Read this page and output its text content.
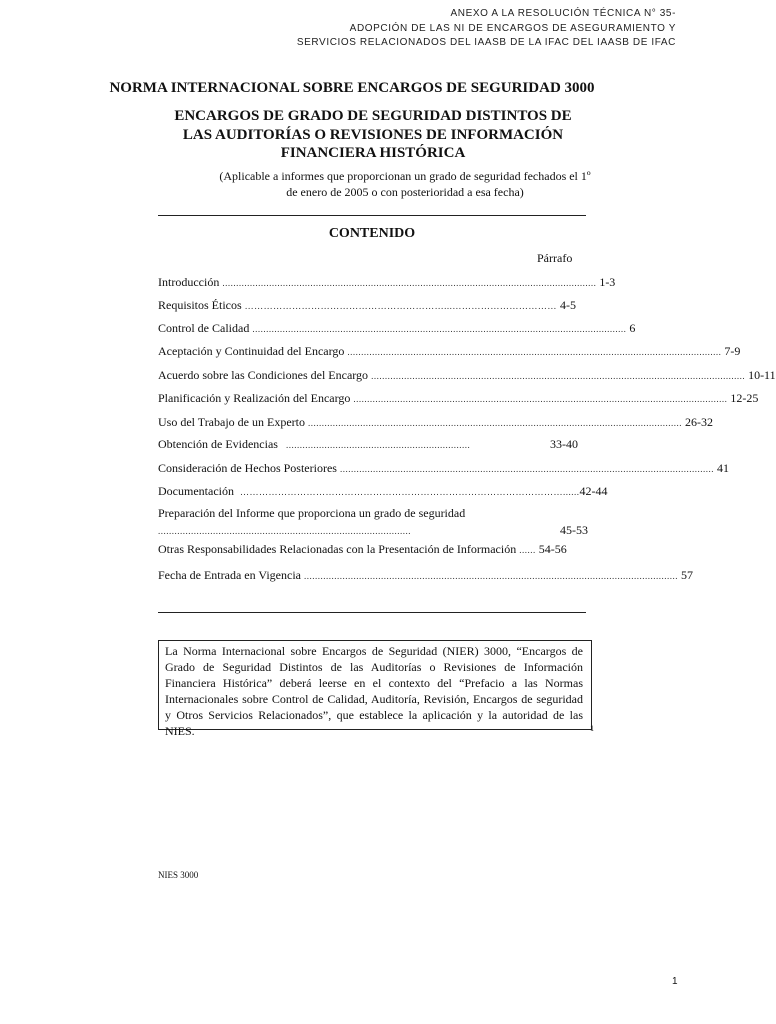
ANEXO A LA RESOLUCIÓN TÉCNICA N° 35-
ADOPCIÓN DE LAS NI DE ENCARGOS DE ASEGURAMIENTO Y
SERVICIOS RELACIONADOS DEL IAASB DE LA IFAC DEL IAASB DE IFAC
NORMA INTERNACIONAL SOBRE ENCARGOS DE SEGURIDAD 3000
ENCARGOS DE GRADO DE SEGURIDAD DISTINTOS DE
LAS AUDITORÍAS O REVISIONES DE INFORMACIÓN
FINANCIERA HISTÓRICA
(Aplicable a informes que proporcionan un grado de seguridad fechados el 1º
de enero de 2005 o con posterioridad a esa fecha)
CONTENIDO
Párrafo
Introducción ........................................................................................................................................ 1-3
Requisitos Éticos ………………………………………………………...…………………………… 4-5
Control de Calidad ........................................................................................................................................ 6
Aceptación y Continuidad del Encargo ........................................................................................................................................ 7-9
Acuerdo sobre las Condiciones del Encargo ........................................................................................................................................ 10-11
Planificación y Realización del Encargo ........................................................................................................................................ 12-25
Uso del Trabajo de un Experto ........................................................................................................................................ 26-32
Obtención de Evidencias ...................................................................	33-40
Consideración de Hechos Posteriores ........................................................................................................................................ 41
Documentación …………………………………………………………………………………………...... 42-44
Preparación del Informe que proporciona un grado de seguridad
............................................................................................	45-53
Otras Responsabilidades Relacionadas con la Presentación de Información ...... 54-56
Fecha de Entrada en Vigencia ........................................................................................................................................ 57

La Norma Internacional sobre Encargos de Seguridad (NIER) 3000, “Encargos de Grado de Seguridad Distintos de las Auditorías o Revisiones de Información Financiera Histórica” deberá leerse en el contexto del “Prefacio a las Normas Internacionales sobre Control de Calidad, Auditoría, Revisión, Encargos de seguridad y Otros Servicios Relacionados”, que establece la aplicación y la autoridad de las NIES.	1
NIES 3000
1
